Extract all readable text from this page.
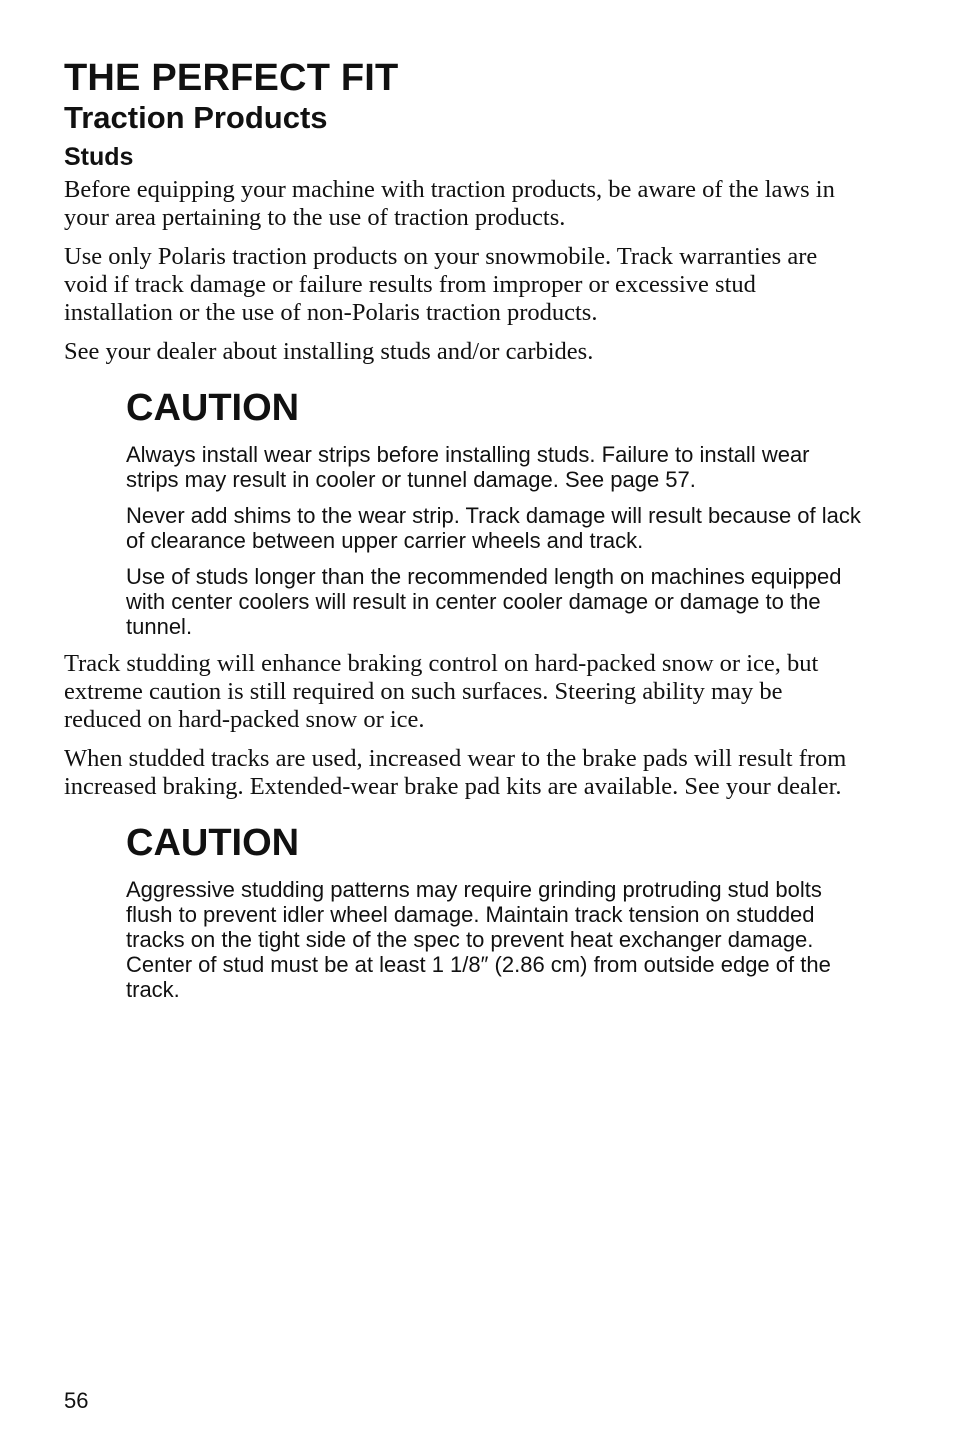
THE PERFECT FIT
Traction Products
Studs

Before equipping your machine with traction products, be aware of the laws in your area pertaining to the use of traction products.

Use only Polaris traction products on your snowmobile. Track warranties are void if track damage or failure results from improper or excessive stud installation or the use of non-Polaris traction products.

See your dealer about installing studs and/or carbides.

CAUTION

Always install wear strips before installing studs. Failure to install wear strips may result in cooler or tunnel damage. See page 57.

Never add shims to the wear strip. Track damage will result because of lack of clearance between upper carrier wheels and track.

Use of studs longer than the recommended length on machines equipped with center coolers will result in center cooler damage or damage to the tunnel.

Track studding will enhance braking control on hard-packed snow or ice, but extreme caution is still required on such surfaces. Steering ability may be reduced on hard-packed snow or ice.

When studded tracks are used, increased wear to the brake pads will result from increased braking. Extended-wear brake pad kits are available. See your dealer.

CAUTION

Aggressive studding patterns may require grinding protruding stud bolts flush to prevent idler wheel damage. Maintain track tension on studded tracks on the tight side of the spec to prevent heat exchanger damage. Center of stud must be at least 1 1/8″ (2.86 cm) from outside edge of the track.

56
